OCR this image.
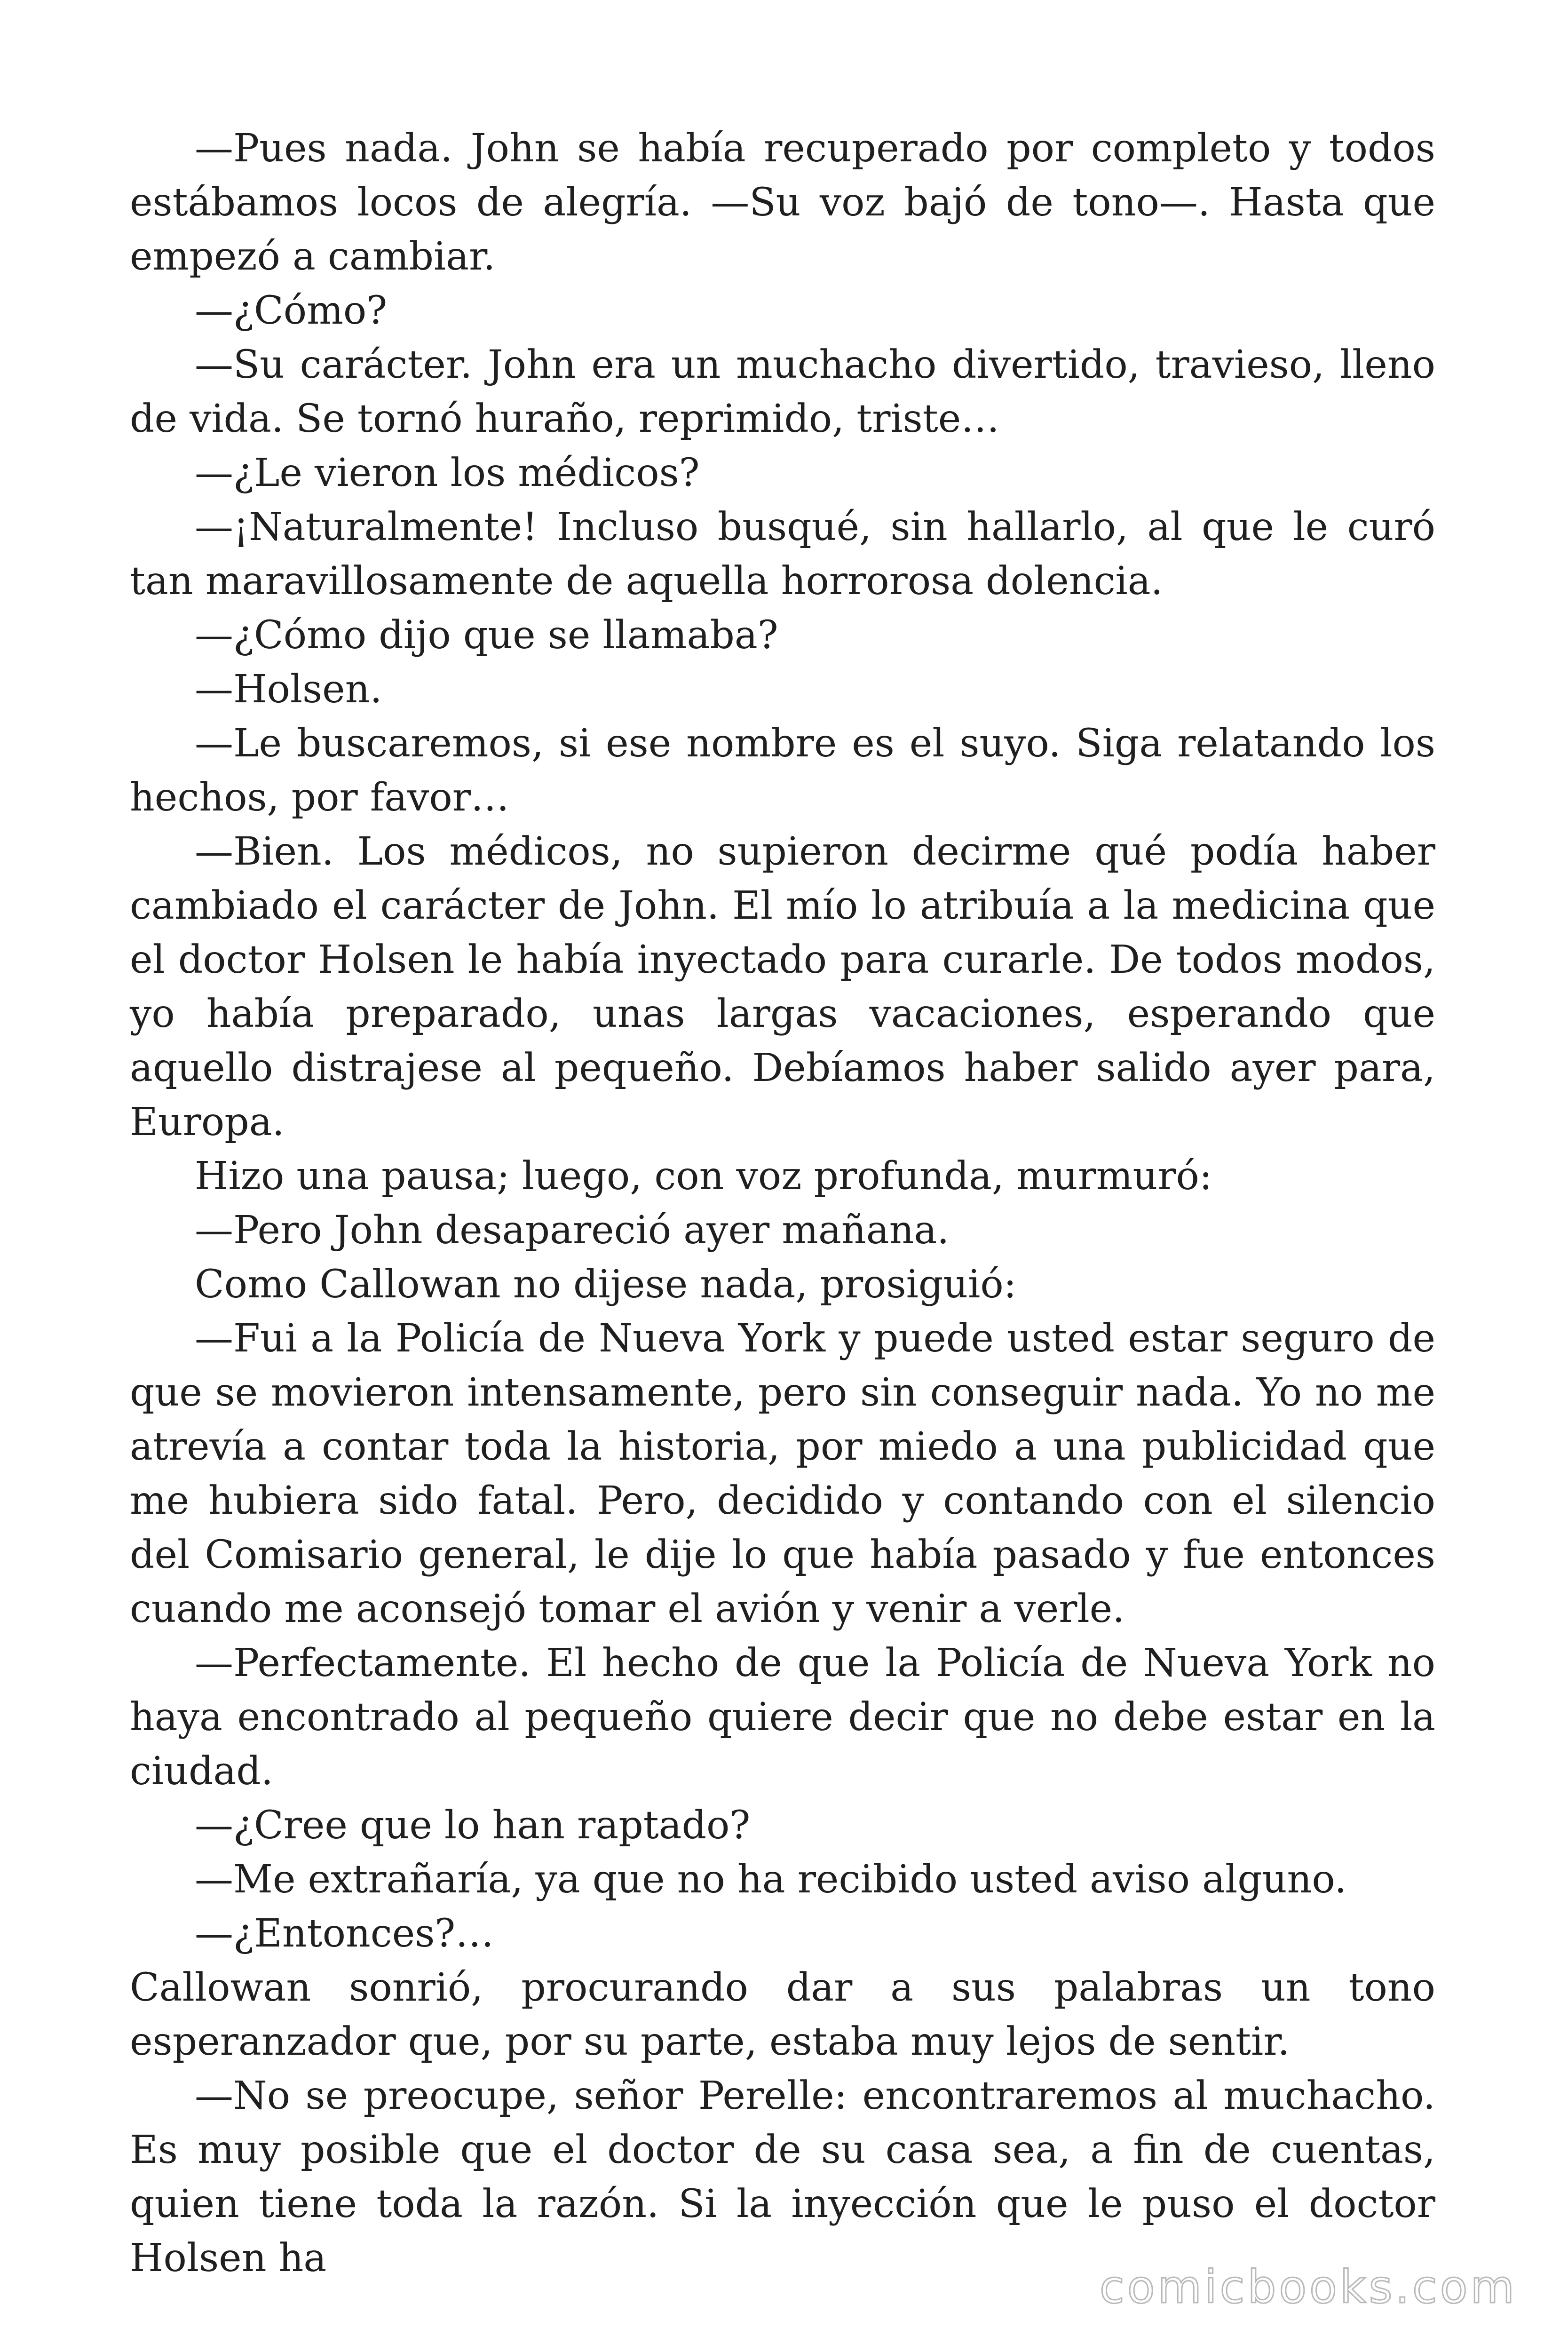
—Pues nada. John se había recuperado por completo y todos estábamos locos de alegría. —Su voz bajó de tono—. Hasta que empezó a cambiar.

—¿Cómo?

—Su carácter. John era un muchacho divertido, travieso, lleno de vida. Se tornó huraño, reprimido, triste…

—¿Le vieron los médicos?

—¡Naturalmente! Incluso busqué, sin hallarlo, al que le curó tan maravillosamente de aquella horrorosa dolencia.

—¿Cómo dijo que se llamaba?

—Holsen.

—Le buscaremos, si ese nombre es el suyo. Siga relatando los hechos, por favor…

—Bien. Los médicos, no supieron decirme qué podía haber cambiado el carácter de John. El mío lo atribuía a la medicina que el doctor Holsen le había inyectado para curarle. De todos modos, yo había preparado, unas largas vacaciones, esperando que aquello distrajese al pequeño. Debíamos haber salido ayer para, Europa.

Hizo una pausa; luego, con voz profunda, murmuró:

—Pero John desapareció ayer mañana.

Como Callowan no dijese nada, prosiguió:

—Fui a la Policía de Nueva York y puede usted estar seguro de que se movieron intensamente, pero sin conseguir nada. Yo no me atrevía a contar toda la historia, por miedo a una publicidad que me hubiera sido fatal. Pero, decidido y contando con el silencio del Comisario general, le dije lo que había pasado y fue entonces cuando me aconsejó tomar el avión y venir a verle.

—Perfectamente. El hecho de que la Policía de Nueva York no haya encontrado al pequeño quiere decir que no debe estar en la ciudad.

—¿Cree que lo han raptado?

—Me extrañaría, ya que no ha recibido usted aviso alguno.

—¿Entonces?…

Callowan sonrió, procurando dar a sus palabras un tono esperanzador que, por su parte, estaba muy lejos de sentir.

—No se preocupe, señor Perelle: encontraremos al muchacho. Es muy posible que el doctor de su casa sea, a fin de cuentas, quien tiene toda la razón. Si la inyección que le puso el doctor Holsen ha

comicbooks.com
